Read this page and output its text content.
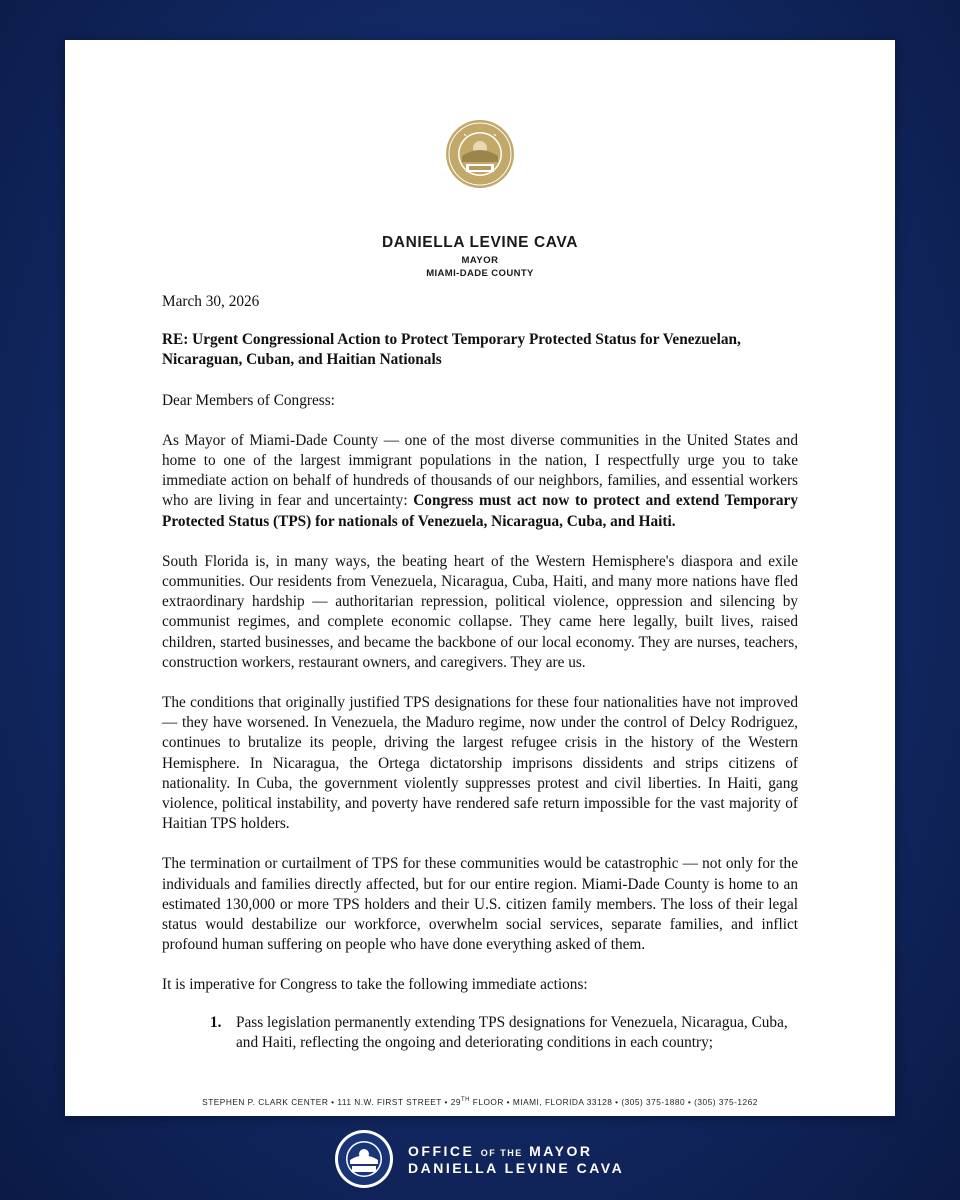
DANIELLA LEVINE CAVA
MAYOR
MIAMI-DADE COUNTY

March 30, 2026

RE: Urgent Congressional Action to Protect Temporary Protected Status for Venezuelan, Nicaraguan, Cuban, and Haitian Nationals

Dear Members of Congress:

As Mayor of Miami-Dade County — one of the most diverse communities in the United States and home to one of the largest immigrant populations in the nation, I respectfully urge you to take immediate action on behalf of hundreds of thousands of our neighbors, families, and essential workers who are living in fear and uncertainty: Congress must act now to protect and extend Temporary Protected Status (TPS) for nationals of Venezuela, Nicaragua, Cuba, and Haiti.

South Florida is, in many ways, the beating heart of the Western Hemisphere's diaspora and exile communities. Our residents from Venezuela, Nicaragua, Cuba, Haiti, and many more nations have fled extraordinary hardship — authoritarian repression, political violence, oppression and silencing by communist regimes, and complete economic collapse. They came here legally, built lives, raised children, started businesses, and became the backbone of our local economy. They are nurses, teachers, construction workers, restaurant owners, and caregivers. They are us.

The conditions that originally justified TPS designations for these four nationalities have not improved — they have worsened. In Venezuela, the Maduro regime, now under the control of Delcy Rodriguez, continues to brutalize its people, driving the largest refugee crisis in the history of the Western Hemisphere. In Nicaragua, the Ortega dictatorship imprisons dissidents and strips citizens of nationality. In Cuba, the government violently suppresses protest and civil liberties. In Haiti, gang violence, political instability, and poverty have rendered safe return impossible for the vast majority of Haitian TPS holders.

The termination or curtailment of TPS for these communities would be catastrophic — not only for the individuals and families directly affected, but for our entire region. Miami-Dade County is home to an estimated 130,000 or more TPS holders and their U.S. citizen family members. The loss of their legal status would destabilize our workforce, overwhelm social services, separate families, and inflict profound human suffering on people who have done everything asked of them.

It is imperative for Congress to take the following immediate actions:

1. Pass legislation permanently extending TPS designations for Venezuela, Nicaragua, Cuba, and Haiti, reflecting the ongoing and deteriorating conditions in each country;
STEPHEN P. CLARK CENTER • 111 N.W. FIRST STREET • 29TH FLOOR • MIAMI, FLORIDA 33128 • (305) 375-1880 • (305) 375-1262
OFFICE OF THE MAYOR
DANIELLA LEVINE CAVA
